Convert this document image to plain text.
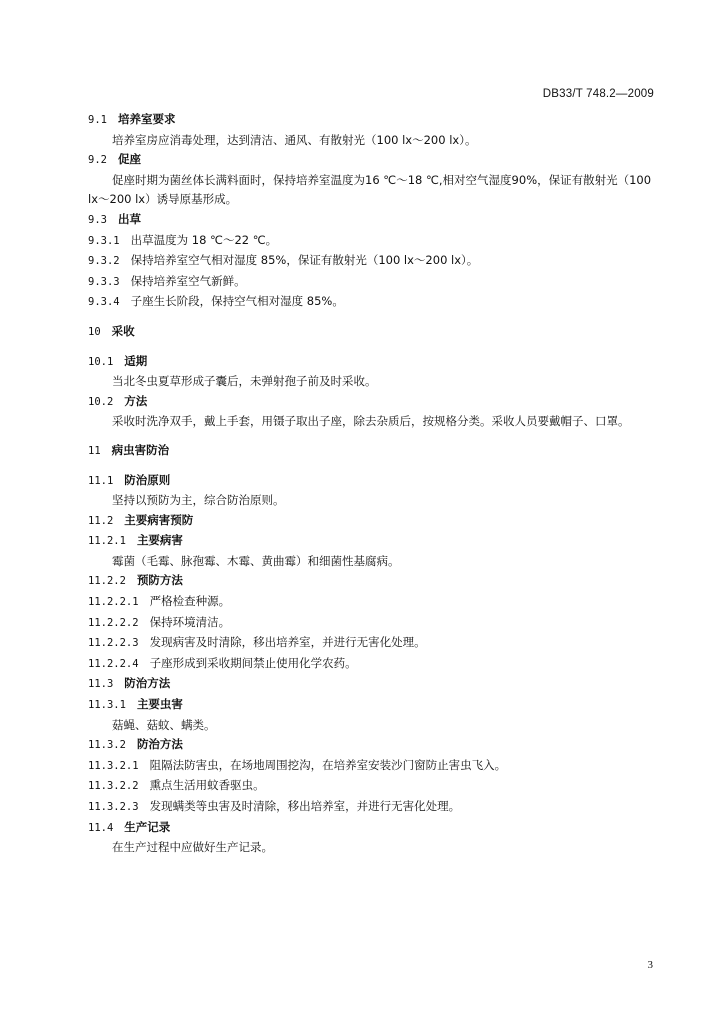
DB33/T 748.2—2009
9.1 培养室要求
培养室房应消毒处理，达到清洁、通风、有散射光（100 lx～200 lx）。
9.2 促座
促座时期为菌丝体长满料面时，保持培养室温度为16 ℃～18 ℃,相对空气湿度90%，保证有散射光（100 lx～200 lx）诱导原基形成。
9.3 出草
9.3.1 出草温度为 18 ℃～22 ℃。
9.3.2 保持培养室空气相对湿度 85%，保证有散射光（100 lx～200 lx）。
9.3.3 保持培养室空气新鲜。
9.3.4 子座生长阶段，保持空气相对湿度 85%。
10 采收
10.1 适期
当北冬虫夏草形成子囊后，未弹射孢子前及时采收。
10.2 方法
采收时洗净双手，戴上手套，用镊子取出子座，除去杂质后，按规格分类。采收人员要戴帽子、口罩。
11 病虫害防治
11.1 防治原则
坚持以预防为主，综合防治原则。
11.2 主要病害预防
11.2.1 主要病害
霉菌（毛霉、脉孢霉、木霉、黄曲霉）和细菌性基腐病。
11.2.2 预防方法
11.2.2.1 严格检查种源。
11.2.2.2 保持环境清洁。
11.2.2.3 发现病害及时清除，移出培养室，并进行无害化处理。
11.2.2.4 子座形成到采收期间禁止使用化学农药。
11.3 防治方法
11.3.1 主要虫害
菇蝇、菇蚊、螨类。
11.3.2 防治方法
11.3.2.1 阻隔法防害虫，在场地周围挖沟，在培养室安装沙门窗防止害虫飞入。
11.3.2.2 熏点生活用蚊香驱虫。
11.3.2.3 发现螨类等虫害及时清除，移出培养室，并进行无害化处理。
11.4 生产记录
在生产过程中应做好生产记录。
3
